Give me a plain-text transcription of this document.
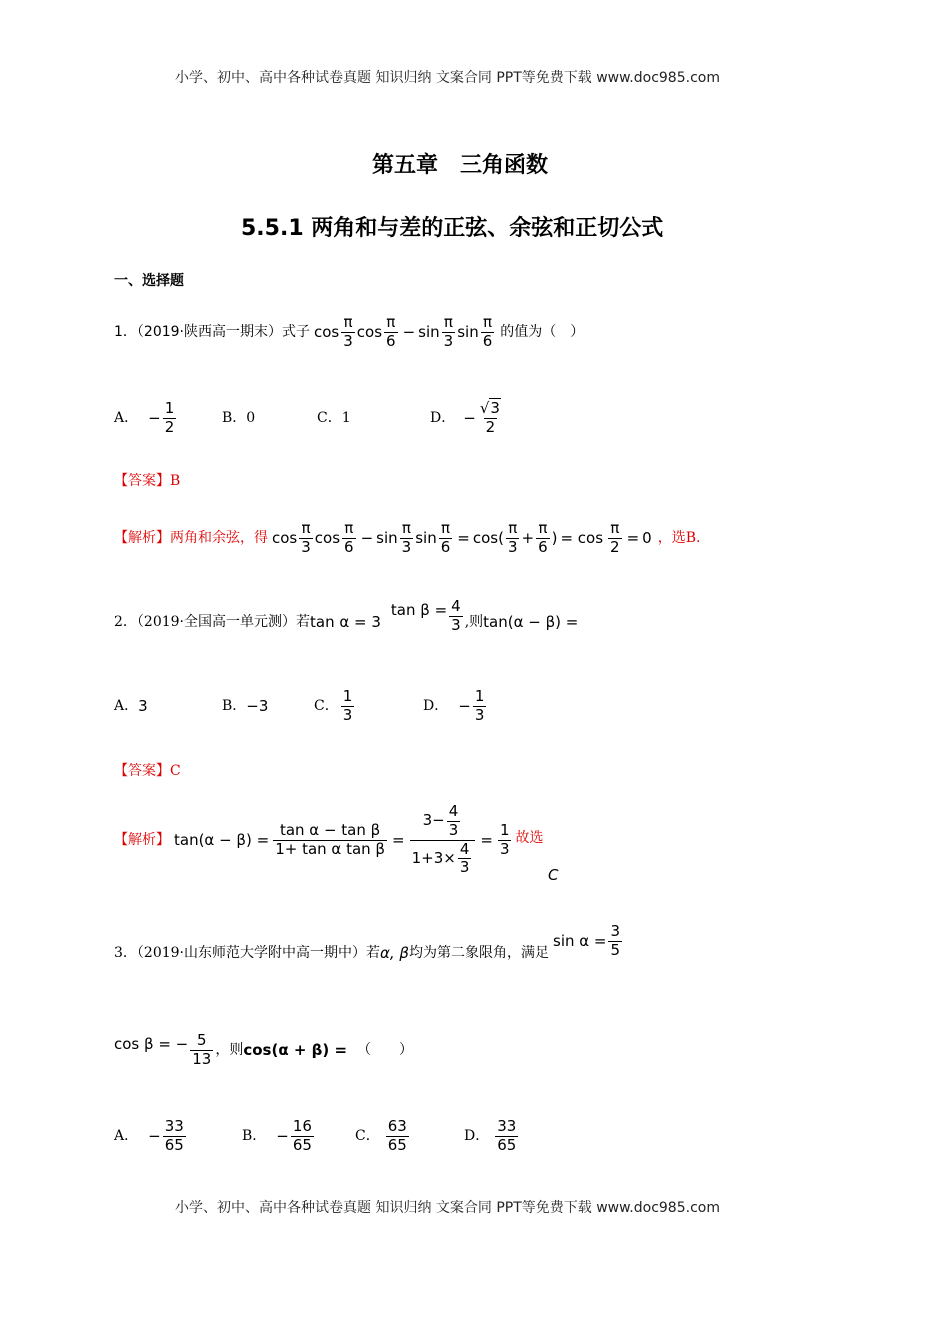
小学、初中、高中各种试卷真题 知识归纳 文案合同 PPT等免费下载 www.doc985.com
第五章　三角函数
5.5.1 两角和与差的正弦、余弦和正切公式
一、选择题
1．（2019·陕西高一期末）式子 $\cos \frac{\pi}{3}$ $\cos \frac{\pi}{6} - \sin \frac{\pi}{3}$ $\sin \frac{\pi}{6}$ 的值为（　）
A． − $\frac{1}{2}$	B．0	C．1	D． − $\frac{√3}{2}$
【答案】B
【解析】 两角和余弦，得 $\cos \frac{\pi}{3}$ $\cos \frac{\pi}{6} - \sin \frac{\pi}{3}$ $\sin \frac{\pi}{6} = \cos( \frac{\pi}{3} + \frac{\pi}{6}$ ) = $\cos \frac{\pi}{2} = 0$ ，选B.
2．（2019·全国高一单元测）若 tan α = 3
$\tan \beta = \frac{4}{3}$ ,则 tan(α − β) =
A． 3	B． −3	C． $\frac{1}{3}$	D． − $\frac{1}{3}$
【答案】C
【解析】 $\tan(\alpha - \beta) = \frac{\text{tan α − tan β}}{\text{1+ tan α tan β}} = \frac{3- \frac{4}{3}}{1+3\times \frac{4}{3}} = \frac{1}{3}$ 故选
C
3．（2019·山东师范大学附中高一期中）若 α, β 均为第二象限角，满足
$\sin \alpha = \frac{3}{5}$
cos β = − $\frac{5}{13}$ ，则 cos(α + β) = （　　）
A． − $\frac{33}{65}$	B． − $\frac{16}{65}$	C． $\frac{63}{65}$	D． $\frac{33}{65}$
小学、初中、高中各种试卷真题 知识归纳 文案合同 PPT等免费下载 www.doc985.com
